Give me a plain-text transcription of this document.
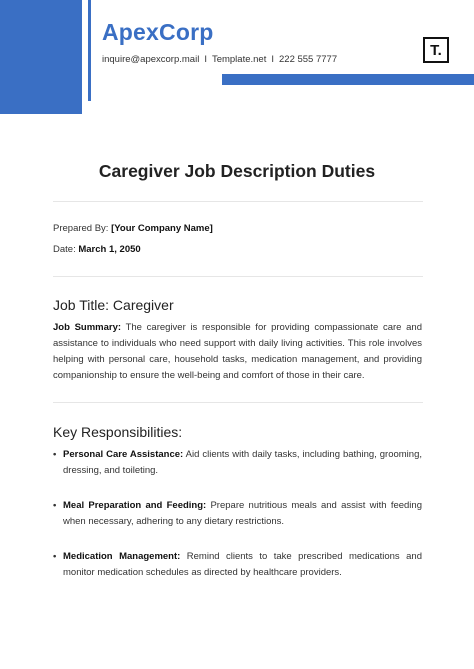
ApexCorp
inquire@apexcorp.mail I Template.net I 222 555 7777
T.
Caregiver Job Description Duties
Prepared By: [Your Company Name]
Date: March 1, 2050
Job Title: Caregiver

Job Summary: The caregiver is responsible for providing compassionate care and assistance to individuals who need support with daily living activities. This role involves helping with personal care, household tasks, medication management, and providing companionship to ensure the well-being and comfort of those in their care.

Key Responsibilities:
• Personal Care Assistance: Aid clients with daily tasks, including bathing, grooming, dressing, and toileting.
• Meal Preparation and Feeding: Prepare nutritious meals and assist with feeding when necessary, adhering to any dietary restrictions.
• Medication Management: Remind clients to take prescribed medications and monitor medication schedules as directed by healthcare providers.
